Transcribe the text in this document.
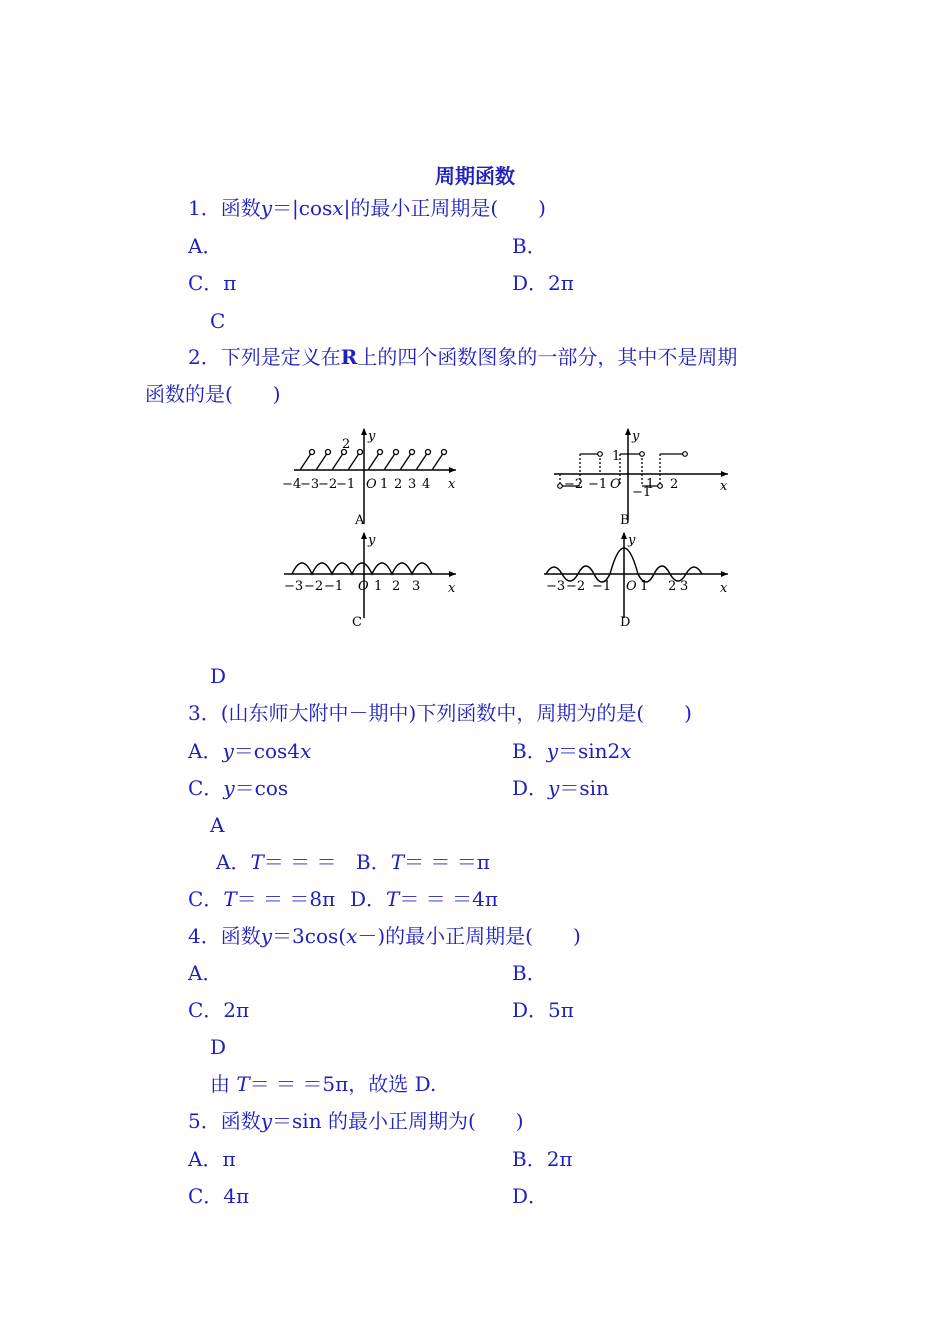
周期函数
1．函数y＝|cosx|的最小正周期是(　　)
A．	B．
C．π	D．2π
C
2．下列是定义在R上的四个函数图象的一部分，其中不是周期
函数的是(　　)
2
y
x
−4
−3
−2
−1 O 1 2 3 4
A
1
−1
y
x
−2 −1 O 1 2
B
y
x
−3 −2 −1 O 1 2 3
C
y
x
−3 −2 −1 O 1 2 3
D
D
3．(山东师大附中－期中)下列函数中，周期为的是(　　)
A．y＝cos4x	B．y＝sin2x
C．y＝cos	D．y＝sin
A
A．T＝ ＝ ＝ B．T＝ ＝ ＝π
C．T＝ ＝ ＝8π D．T＝ ＝ ＝4π
4．函数y＝3cos(x－)的最小正周期是(　　)
A．	B．
C．2π	D．5π
D
由 T＝ ＝ ＝5π，故选 D.
5．函数y＝sin 的最小正周期为(　　)
A．π	B．2π
C．4π	D．
